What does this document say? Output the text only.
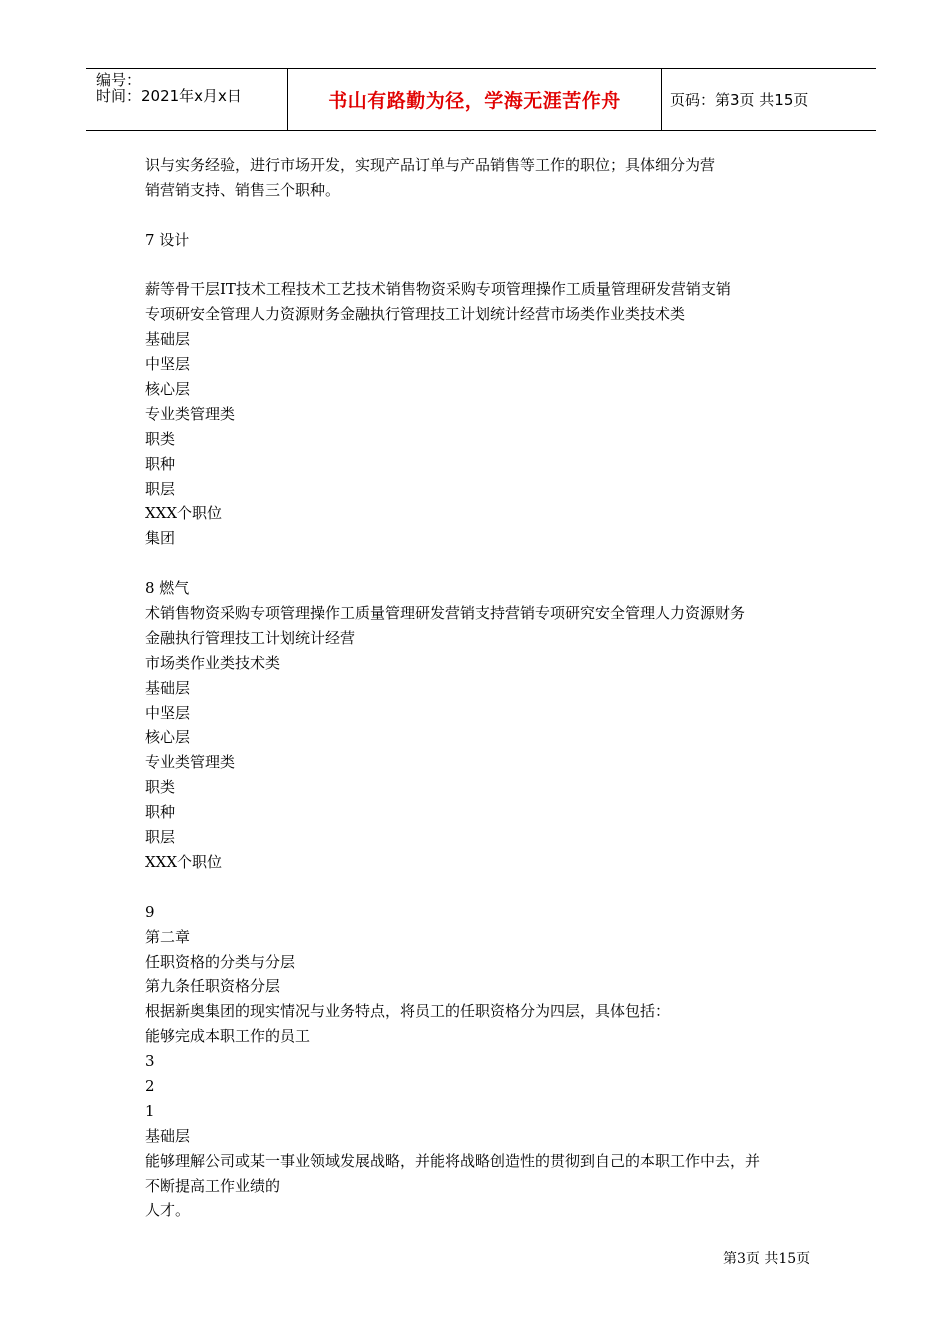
编号：
时间：2021年x月x日	书山有路勤为径，学海无涯苦作舟	页码：第3页 共15页
识与实务经验，进行市场开发，实现产品订单与产品销售等工作的职位；具体细分为营
销营销支持、销售三个职种。
7 设计
薪等骨干层IT技术工程技术工艺技术销售物资采购专项管理操作工质量管理研发营销支销
专项研安全管理人力资源财务金融执行管理技工计划统计经营市场类作业类技术类
基础层
中坚层
核心层
专业类管理类
职类
职种
职层
XXX个职位
集团
8 燃气
术销售物资采购专项管理操作工质量管理研发营销支持营销专项研究安全管理人力资源财务
金融执行管理技工计划统计经营
市场类作业类技术类
基础层
中坚层
核心层
专业类管理类
职类
职种
职层
XXX个职位
9
第二章
任职资格的分类与分层
第九条任职资格分层
根据新奥集团的现实情况与业务特点，将员工的任职资格分为四层，具体包括：
能够完成本职工作的员工
3
2
1
基础层
能够理解公司或某一事业领域发展战略，并能将战略创造性的贯彻到自己的本职工作中去，并
不断提高工作业绩的
人才。
第3页 共15页
